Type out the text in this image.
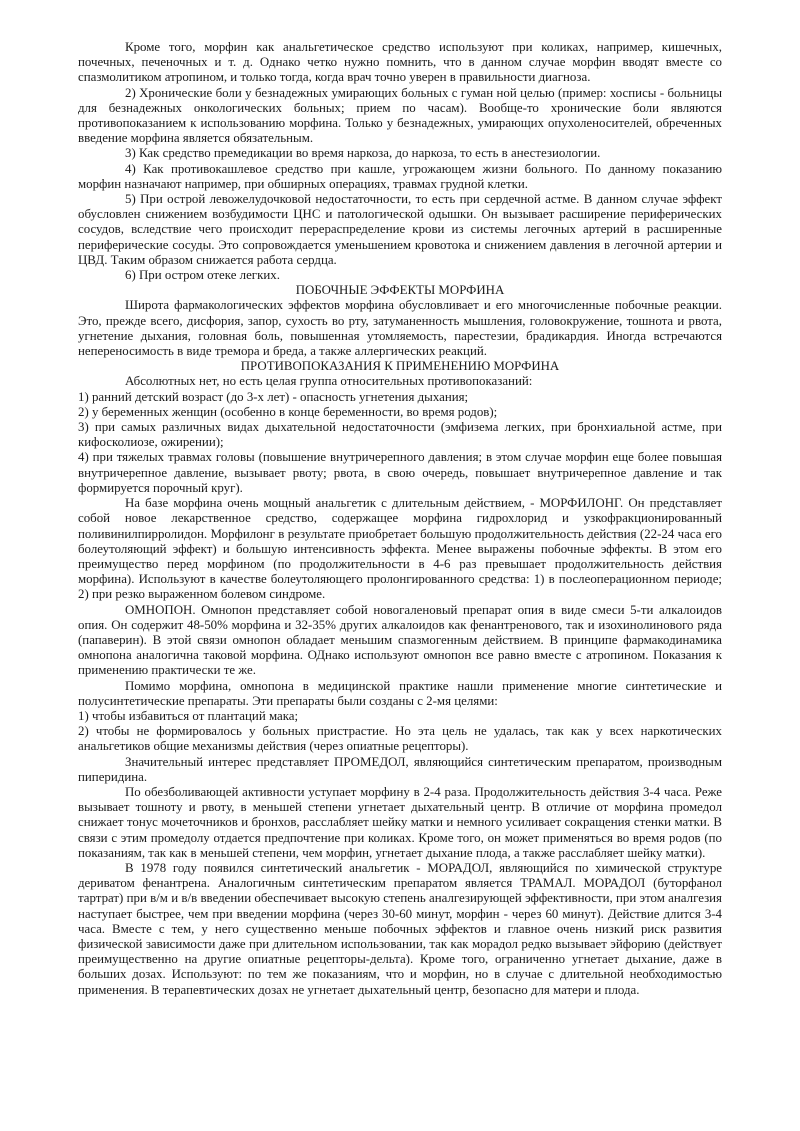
Кроме того, морфин как анальгетическое средство используют при коликах, например, кишечных, почечных, печеночных и т. д. Однако четко нужно помнить, что в данном случае морфин вводят вместе со спазмолитиком атропином, и только тогда, когда врач точно уверен в правильности диагноза.

2) Хронические боли у безнадежных умирающих больных с гуман ной целью (пример: хосписы - больницы для безнадежных онкологических больных; прием по часам). Вообще-то хронические боли являются противопоказанием к использованию морфина. Только у безнадежных, умирающих опухоленосителей, обреченных введение морфина является обязательным.

3) Как средство премедикации во время наркоза, до наркоза, то есть в анестезиологии.

4) Как противокашлевое средство при кашле, угрожающем жизни больного. По данному показанию морфин назначают например, при обширных операциях, травмах грудной клетки.

5) При острой левожелудочковой недостаточности, то есть при сердечной астме. В данном случае эффект обусловлен снижением возбудимости ЦНС и патологической одышки. Он вызывает расширение периферических сосудов, вследствие чего происходит перераспределение крови из системы легочных артерий в расширенные периферические сосуды. Это сопровождается уменьшением кровотока и снижением давления в легочной артерии и ЦВД. Таким образом снижается работа сердца.

6) При остром отеке легких.

ПОБОЧНЫЕ ЭФФЕКТЫ МОРФИНА

Широта фармакологических эффектов морфина обусловливает и его многочисленные побочные реакции. Это, прежде всего, дисфория, запор, сухость во рту, затуманенность мышления, головокружение, тошнота и рвота, угнетение дыхания, головная боль, повышенная утомляемость, парестезии, брадикардия. Иногда встречаются непереносимость в виде тремора и бреда, а также аллергических реакций.

ПРОТИВОПОКАЗАНИЯ К ПРИМЕНЕНИЮ МОРФИНА

Абсолютных нет, но есть целая группа относительных противопоказаний:

1) ранний детский возраст (до 3-х лет) - опасность угнетения дыхания;

2) у беременных женщин (особенно в конце беременности, во время родов);

3) при самых различных видах дыхательной недостаточности (эмфизема легких, при бронхиальной астме, при кифосколиозе, ожирении);

4) при тяжелых травмах головы (повышение внутричерепного давления; в этом случае морфин еще более повышая внутричерепное давление, вызывает рвоту; рвота, в свою очередь, повышает внутричерепное давление и так формируется порочный круг).

На базе морфина очень мощный анальгетик с длительным действием, - МОРФИЛОНГ. Он представляет собой новое лекарственное средство, содержащее морфина гидрохлорид и узкофракционированный поливинилпирролидон. Морфилонг в результате приобретает большую продолжительность действия (22-24 часа его болеутоляющий эффект) и большую интенсивность эффекта. Менее выражены побочные эффекты. В этом его преимущество перед морфином (по продолжительности в 4-6 раз превышает продолжительность действия морфина). Используют в качестве болеутоляющего пролонгированного средства: 1) в послеоперационном периоде; 2) при резко выраженном болевом синдроме.

ОМНОПОН. Омнопон представляет собой новогаленовый препарат опия в виде смеси 5-ти алкалоидов опия. Он содержит 48-50% морфина и 32-35% других алкалоидов как фенантренового, так и изохинолинового ряда (папаверин). В этой связи омнопон обладает меньшим спазмогенным действием. В принципе фармакодинамика омнопона аналогична таковой морфина. ОДнако используют омнопон все равно вместе с атропином. Показания к применению практически те же.

Помимо морфина, омнопона в медицинской практике нашли применение многие синтетические и полусинтетические препараты. Эти препараты были созданы с 2-мя целями:

1) чтобы избавиться от плантаций мака;

2) чтобы не формировалось у больных пристрастие. Но эта цель не удалась, так как у всех наркотических анальгетиков общие механизмы действия (через опиатные рецепторы).

Значительный интерес представляет ПРОМЕДОЛ, являющийся синтетическим препаратом, производным пиперидина.

По обезболивающей активности уступает морфину в 2-4 раза. Продолжительность действия 3-4 часа. Реже вызывает тошноту и рвоту, в меньшей степени угнетает дыхательный центр. В отличие от морфина промедол снижает тонус мочеточников и бронхов, расслабляет шейку матки и немного усиливает сокращения стенки матки. В связи с этим промедолу отдается предпочтение при коликах. Кроме того, он может применяться во время родов (по показаниям, так как в меньшей степени, чем морфин, угнетает дыхание плода, а также расслабляет шейку матки).

В 1978 году появился синтетический анальгетик - МОРАДОЛ, являющийся по химической структуре дериватом фенантрена. Аналогичным синтетическим препаратом является ТРАМАЛ. МОРАДОЛ (буторфанол тартрат) при в/м и в/в введении обеспечивает высокую степень аналгезирующей эффективности, при этом аналгезия наступает быстрее, чем при введении морфина (через 30-60 минут, морфин - через 60 минут). Действие длится 3-4 часа. Вместе с тем, у него существенно меньше побочных эффектов и главное очень низкий риск развития физической зависимости даже при длительном использовании, так как морадол редко вызывает эйфорию (действует преимущественно на другие опиатные рецепторы-дельта). Кроме того, ограниченно угнетает дыхание, даже в больших дозах. Используют: по тем же показаниям, что и морфин, но в случае с длительной необходимостью применения. В терапевтических дозах не угнетает дыхательный центр, безопасно для матери и плода.
